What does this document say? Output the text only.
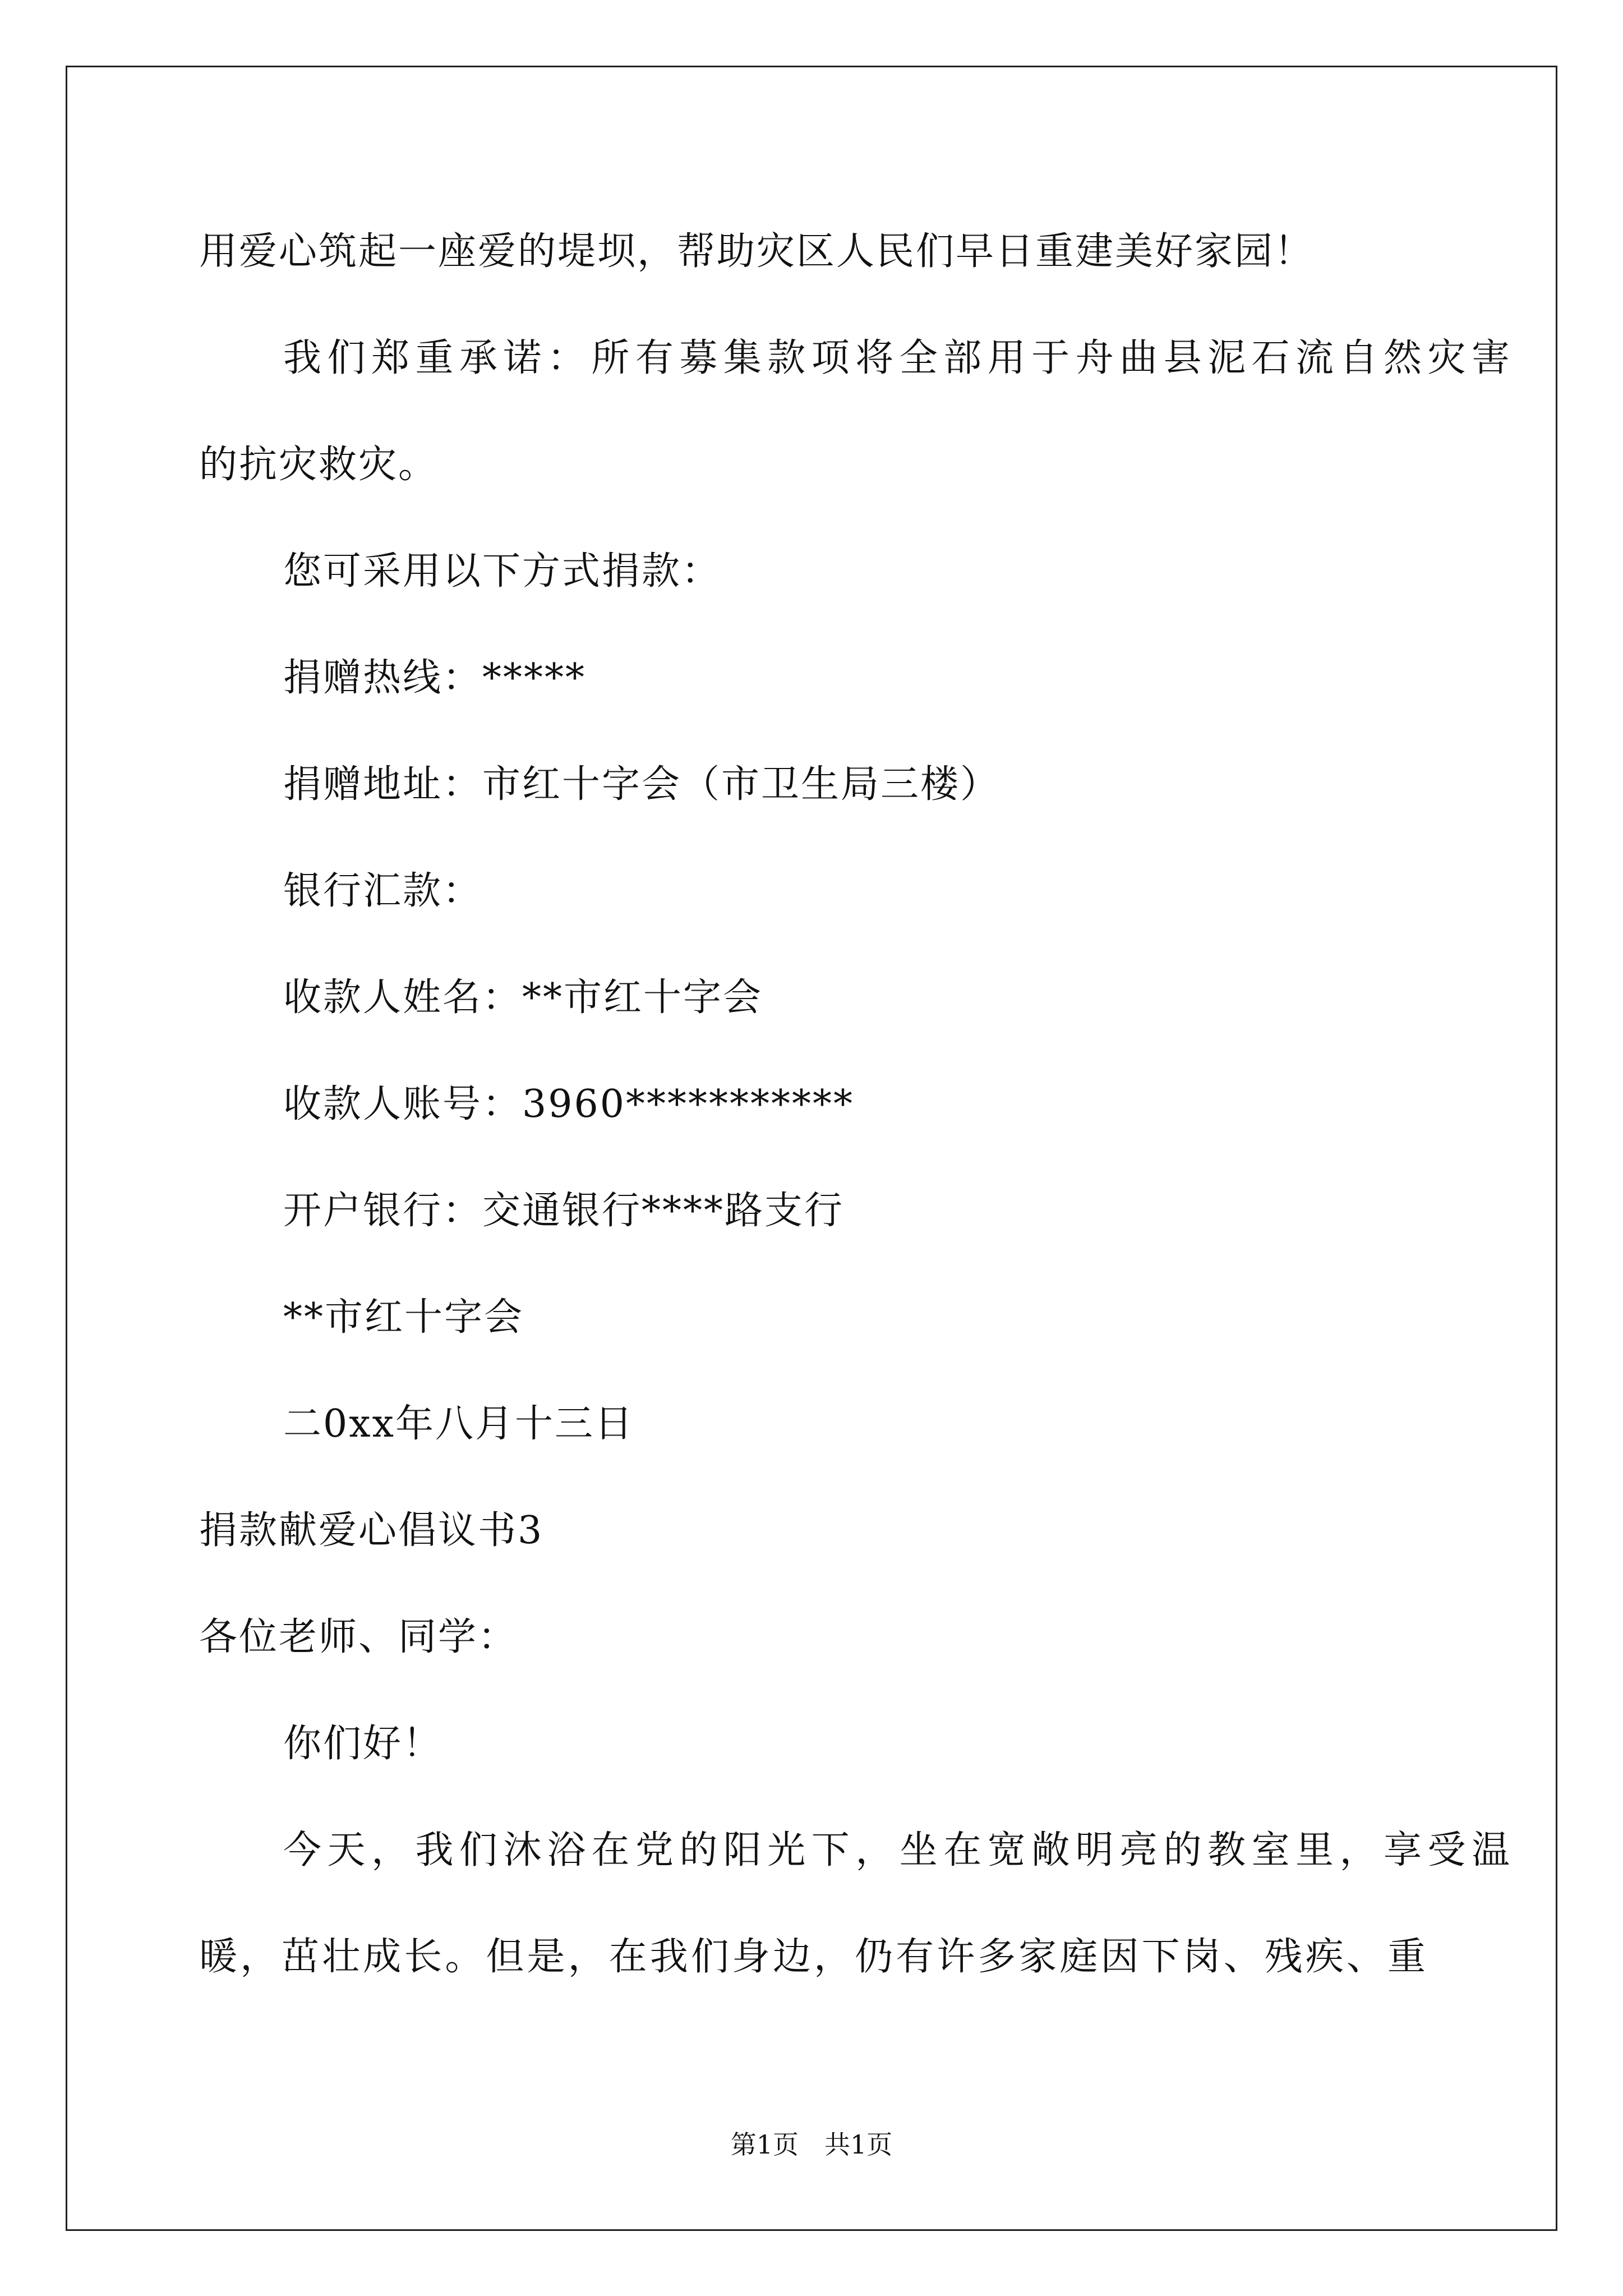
用爱心筑起一座爱的堤坝，帮助灾区人民们早日重建美好家园！
我们郑重承诺：所有募集款项将全部用于舟曲县泥石流自然灾害
的抗灾救灾。
您可采用以下方式捐款：
捐赠热线：*****
捐赠地址：市红十字会（市卫生局三楼）
银行汇款：
收款人姓名：**市红十字会
收款人账号：3960***********
开户银行：交通银行****路支行
**市红十字会
二0xx年八月十三日
捐款献爱心倡议书3
各位老师、同学：
你们好！
今天，我们沐浴在党的阳光下，坐在宽敞明亮的教室里，享受温
暖，茁壮成长。但是，在我们身边，仍有许多家庭因下岗、残疾、重
第1页　共1页
